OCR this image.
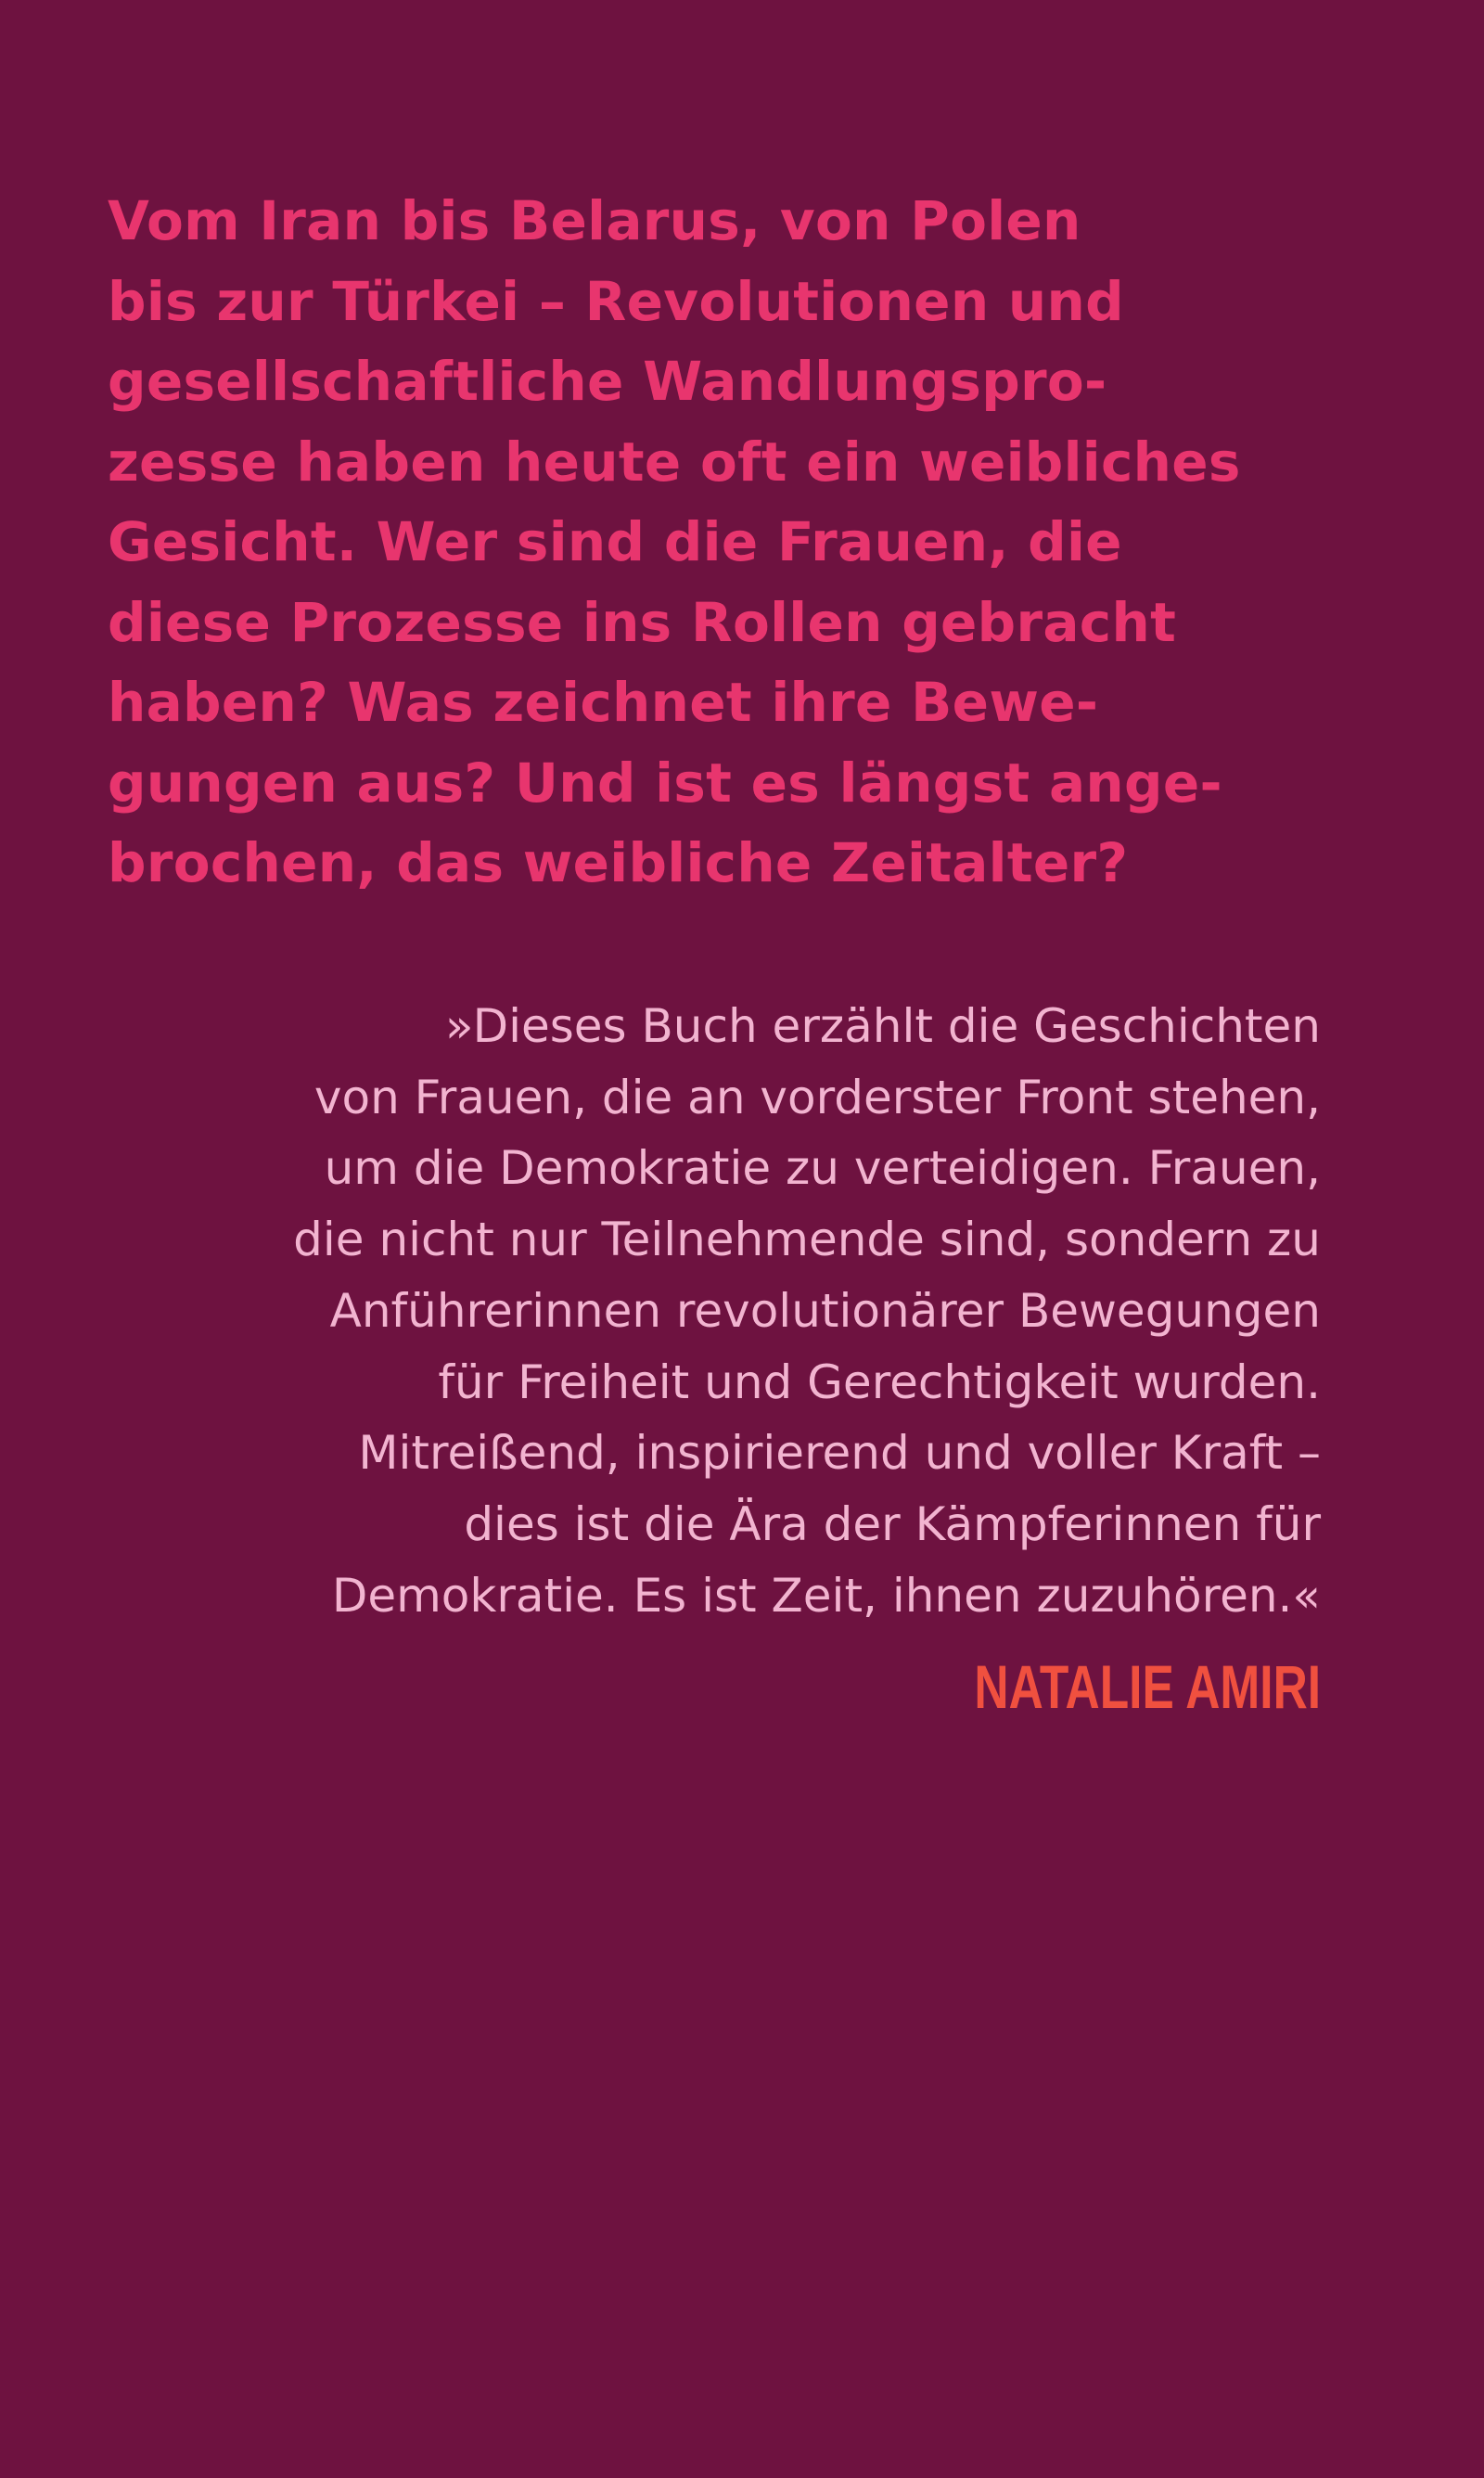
Vom Iran bis Belarus, von Polen
bis zur Türkei – Revolutionen und
gesellschaftliche Wandlungspro-
zesse haben heute oft ein weibliches
Gesicht. Wer sind die Frauen, die
diese Prozesse ins Rollen gebracht
haben? Was zeichnet ihre Bewe-
gungen aus? Und ist es längst ange-
brochen, das weibliche Zeitalter?
»Dieses Buch erzählt die Geschichten
von Frauen, die an vorderster Front stehen,
um die Demokratie zu verteidigen. Frauen,
die nicht nur Teilnehmende sind, sondern zu
Anführerinnen revolutionärer Bewegungen
für Freiheit und Gerechtigkeit wurden.
Mitreißend, inspirierend und voller Kraft –
dies ist die Ära der Kämpferinnen für
Demokratie. Es ist Zeit, ihnen zuzuhören.«
NATALIE AMIRI
